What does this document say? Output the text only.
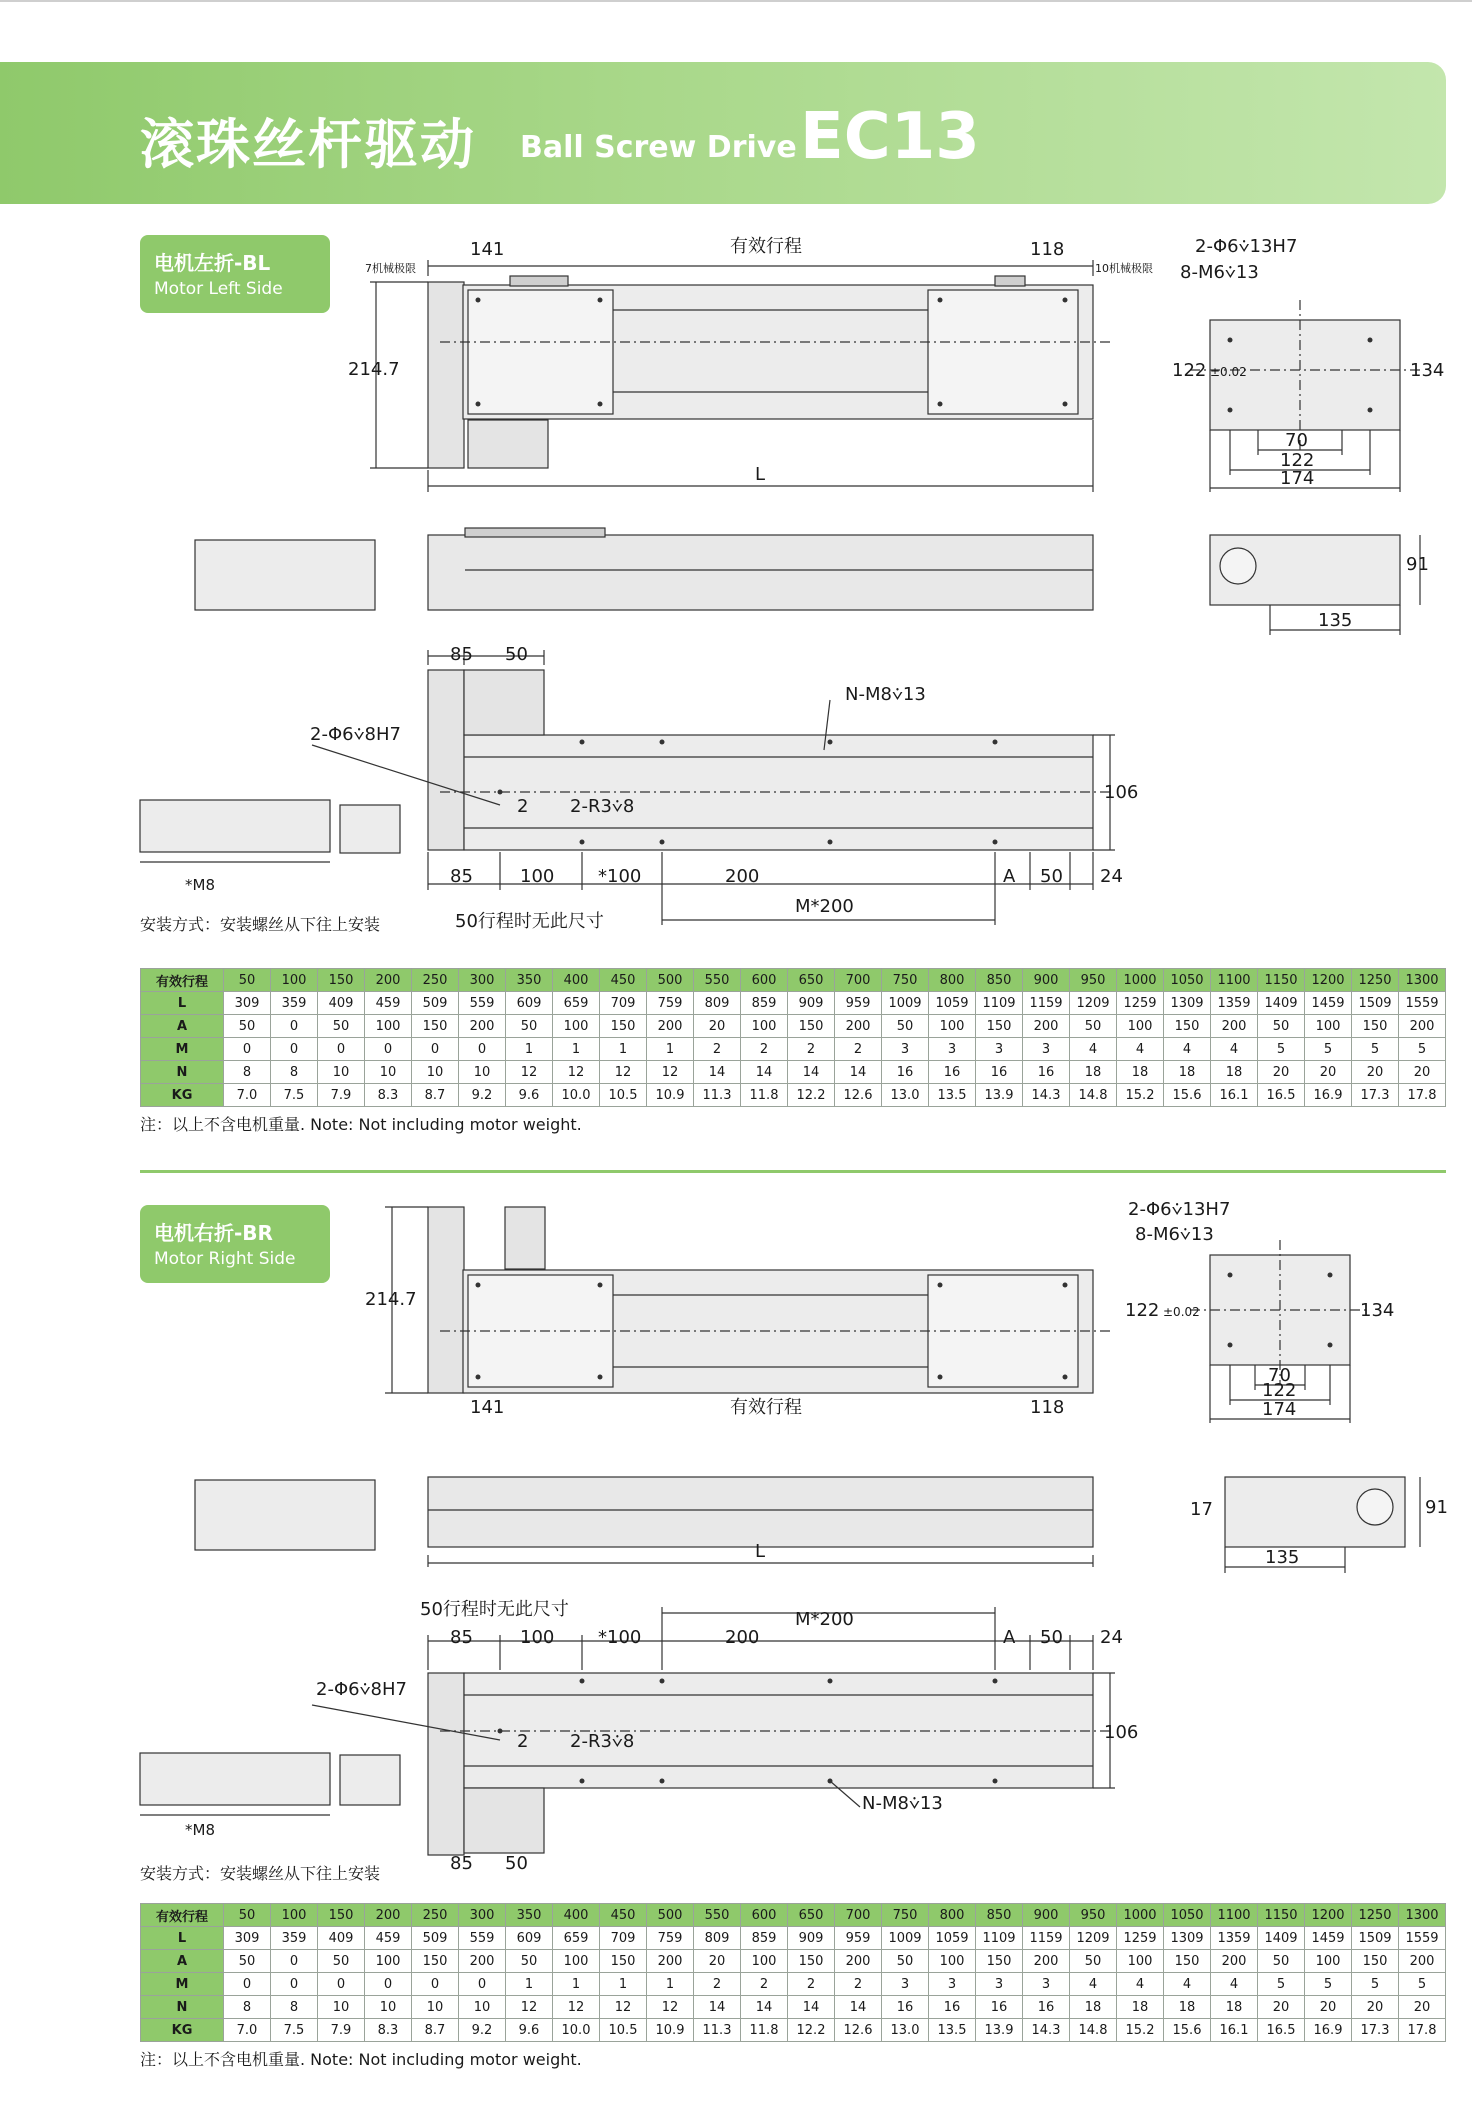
滚珠丝杆驱动 Ball Screw Drive EC13
电机左折-BL
Motor Left Side
141	有效行程	118
7机械极限	10机械极限
214.7
L
2-Φ6⩒13H7
8-M6⩒13
122 ±0.02	134
70
122
174
91
135
85 50
2-Φ6⩒8H7
N-M8⩒13
2 2-R3⩒8
106
85	100 *100	200	A 50 24
M*200
50行程时无此尺寸
*M8
安装方式：安装螺丝从下往上安装
有效行程	50	100	150	200	250	300	350	400	450	500	550	600	650	700	750	800	850	900	950	1000	1050	1100	1150	1200	1250	1300
L	309	359	409	459	509	559	609	659	709	759	809	859	909	959	1009	1059	1109	1159	1209	1259	1309	1359	1409	1459	1509	1559
A	50	0	50	100	150	200	50	100	150	200	20	100	150	200	50	100	150	200	50	100	150	200	50	100	150	200
M	0	0	0	0	0	0	1	1	1	1	2	2	2	2	3	3	3	3	4	4	4	4	5	5	5	5
N	8	8	10	10	10	10	12	12	12	12	14	14	14	14	16	16	16	16	18	18	18	18	20	20	20	20
KG	7.0	7.5	7.9	8.3	8.7	9.2	9.6	10.0	10.5	10.9	11.3	11.8	12.2	12.6	13.0	13.5	13.9	14.3	14.8	15.2	15.6	16.1	16.5	16.9	17.3	17.8
注：以上不含电机重量. Note: Not including motor weight.
电机右折-BR
Motor Right Side
214.7
141	有效行程	118
2-Φ6⩒13H7
8-M6⩒13
122 ±0.02	134
70
122
174
L
91
17
135
50行程时无此尺寸	M*200
85	100 *100	200	A 50 24
2-Φ6⩒8H7
2 2-R3⩒8	106
N-M8⩒13
85 50
*M8
安装方式：安装螺丝从下往上安装
有效行程	50	100	150	200	250	300	350	400	450	500	550	600	650	700	750	800	850	900	950	1000	1050	1100	1150	1200	1250	1300
L	309	359	409	459	509	559	609	659	709	759	809	859	909	959	1009	1059	1109	1159	1209	1259	1309	1359	1409	1459	1509	1559
A	50	0	50	100	150	200	50	100	150	200	20	100	150	200	50	100	150	200	50	100	150	200	50	100	150	200
M	0	0	0	0	0	0	1	1	1	1	2	2	2	2	3	3	3	3	4	4	4	4	5	5	5	5
N	8	8	10	10	10	10	12	12	12	12	14	14	14	14	16	16	16	16	18	18	18	18	20	20	20	20
KG	7.0	7.5	7.9	8.3	8.7	9.2	9.6	10.0	10.5	10.9	11.3	11.8	12.2	12.6	13.0	13.5	13.9	14.3	14.8	15.2	15.6	16.1	16.5	16.9	17.3	17.8
注：以上不含电机重量. Note: Not including motor weight.
